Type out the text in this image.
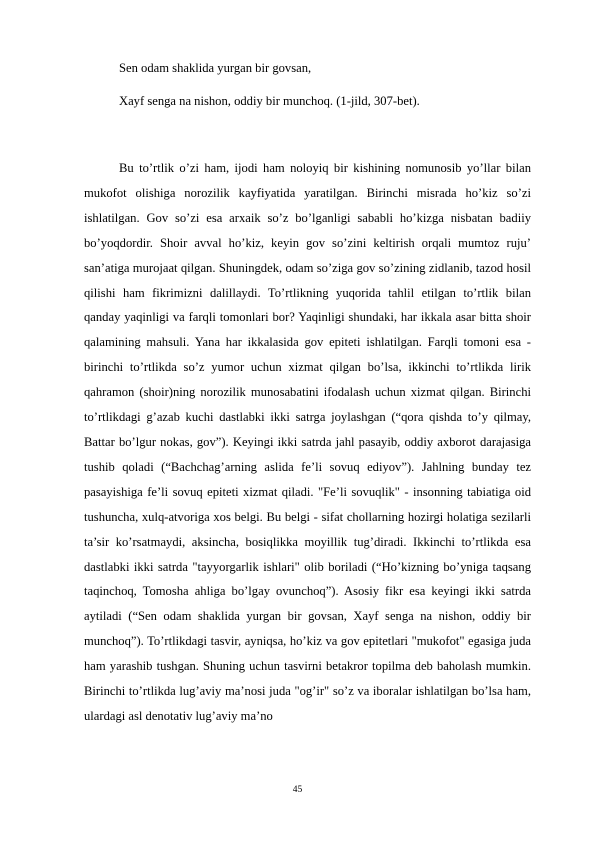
Sen odam shaklida yurgan bir govsan,
Xayf senga na nishon, oddiy bir munchoq. (1-jild, 307-bet).

Bu to’rtlik o’zi ham, ijodi ham noloyiq bir kishining nomunosib yo’llar bilan mukofot olishiga norozilik kayfiyatida yaratilgan. Birinchi misrada ho’kiz so’zi ishlatilgan. Gov so’zi esa arxaik so’z bo’lganligi sababli ho’kizga nisbatan badiiy bo’yoqdordir. Shoir avval ho’kiz, keyin gov so’zini keltirish orqali mumtoz ruju’ san’atiga murojaat qilgan. Shuningdek, odam so’ziga gov so’zining zidlanib, tazod hosil qilishi ham fikrimizni dalillaydi. To’rtlikning yuqorida tahlil etilgan to’rtlik bilan qanday yaqinligi va farqli tomonlari bor? Yaqinligi shundaki, har ikkala asar bitta shoir qalamining mahsuli. Yana har ikkalasida gov epiteti ishlatilgan. Farqli tomoni esa - birinchi to’rtlikda so’z yumor uchun xizmat qilgan bo’lsa, ikkinchi to’rtlikda lirik qahramon (shoir)ning norozilik munosabatini ifodalash uchun xizmat qilgan. Birinchi to’rtlikdagi g’azab kuchi dastlabki ikki satrga joylashgan (“qora qishda to’y qilmay, Battar bo’lgur nokas, gov”). Keyingi ikki satrda jahl pasayib, oddiy axborot darajasiga tushib qoladi (“Bachchag’arning aslida fe’li sovuq ediyov”). Jahlning bunday tez pasayishiga fe’li sovuq epiteti xizmat qiladi. "Fe’li sovuqlik" - insonning tabiatiga oid tushuncha, xulq-atvoriga xos belgi. Bu belgi - sifat chollarning hozirgi holatiga sezilarli ta’sir ko’rsatmaydi, aksincha, bosiqlikka moyillik tug’diradi. Ikkinchi to’rtlikda esa dastlabki ikki satrda "tayyorgarlik ishlari" olib boriladi (“Ho’kizning bo’yniga taqsang taqinchoq, Tomosha ahliga bo’lgay ovunchoq”). Asosiy fikr esa keyingi ikki satrda aytiladi (“Sen odam shaklida yurgan bir govsan, Xayf senga na nishon, oddiy bir munchoq”). To’rtlikdagi tasvir, ayniqsa, ho’kiz va gov epitetlari "mukofot" egasiga juda ham yarashib tushgan. Shuning uchun tasvirni betakror topilma deb baholash mumkin. Birinchi to’rtlikda lug’aviy ma’nosi juda "og’ir" so’z va iboralar ishlatilgan bo’lsa ham, ulardagi asl denotativ lug’aviy ma’no

45
